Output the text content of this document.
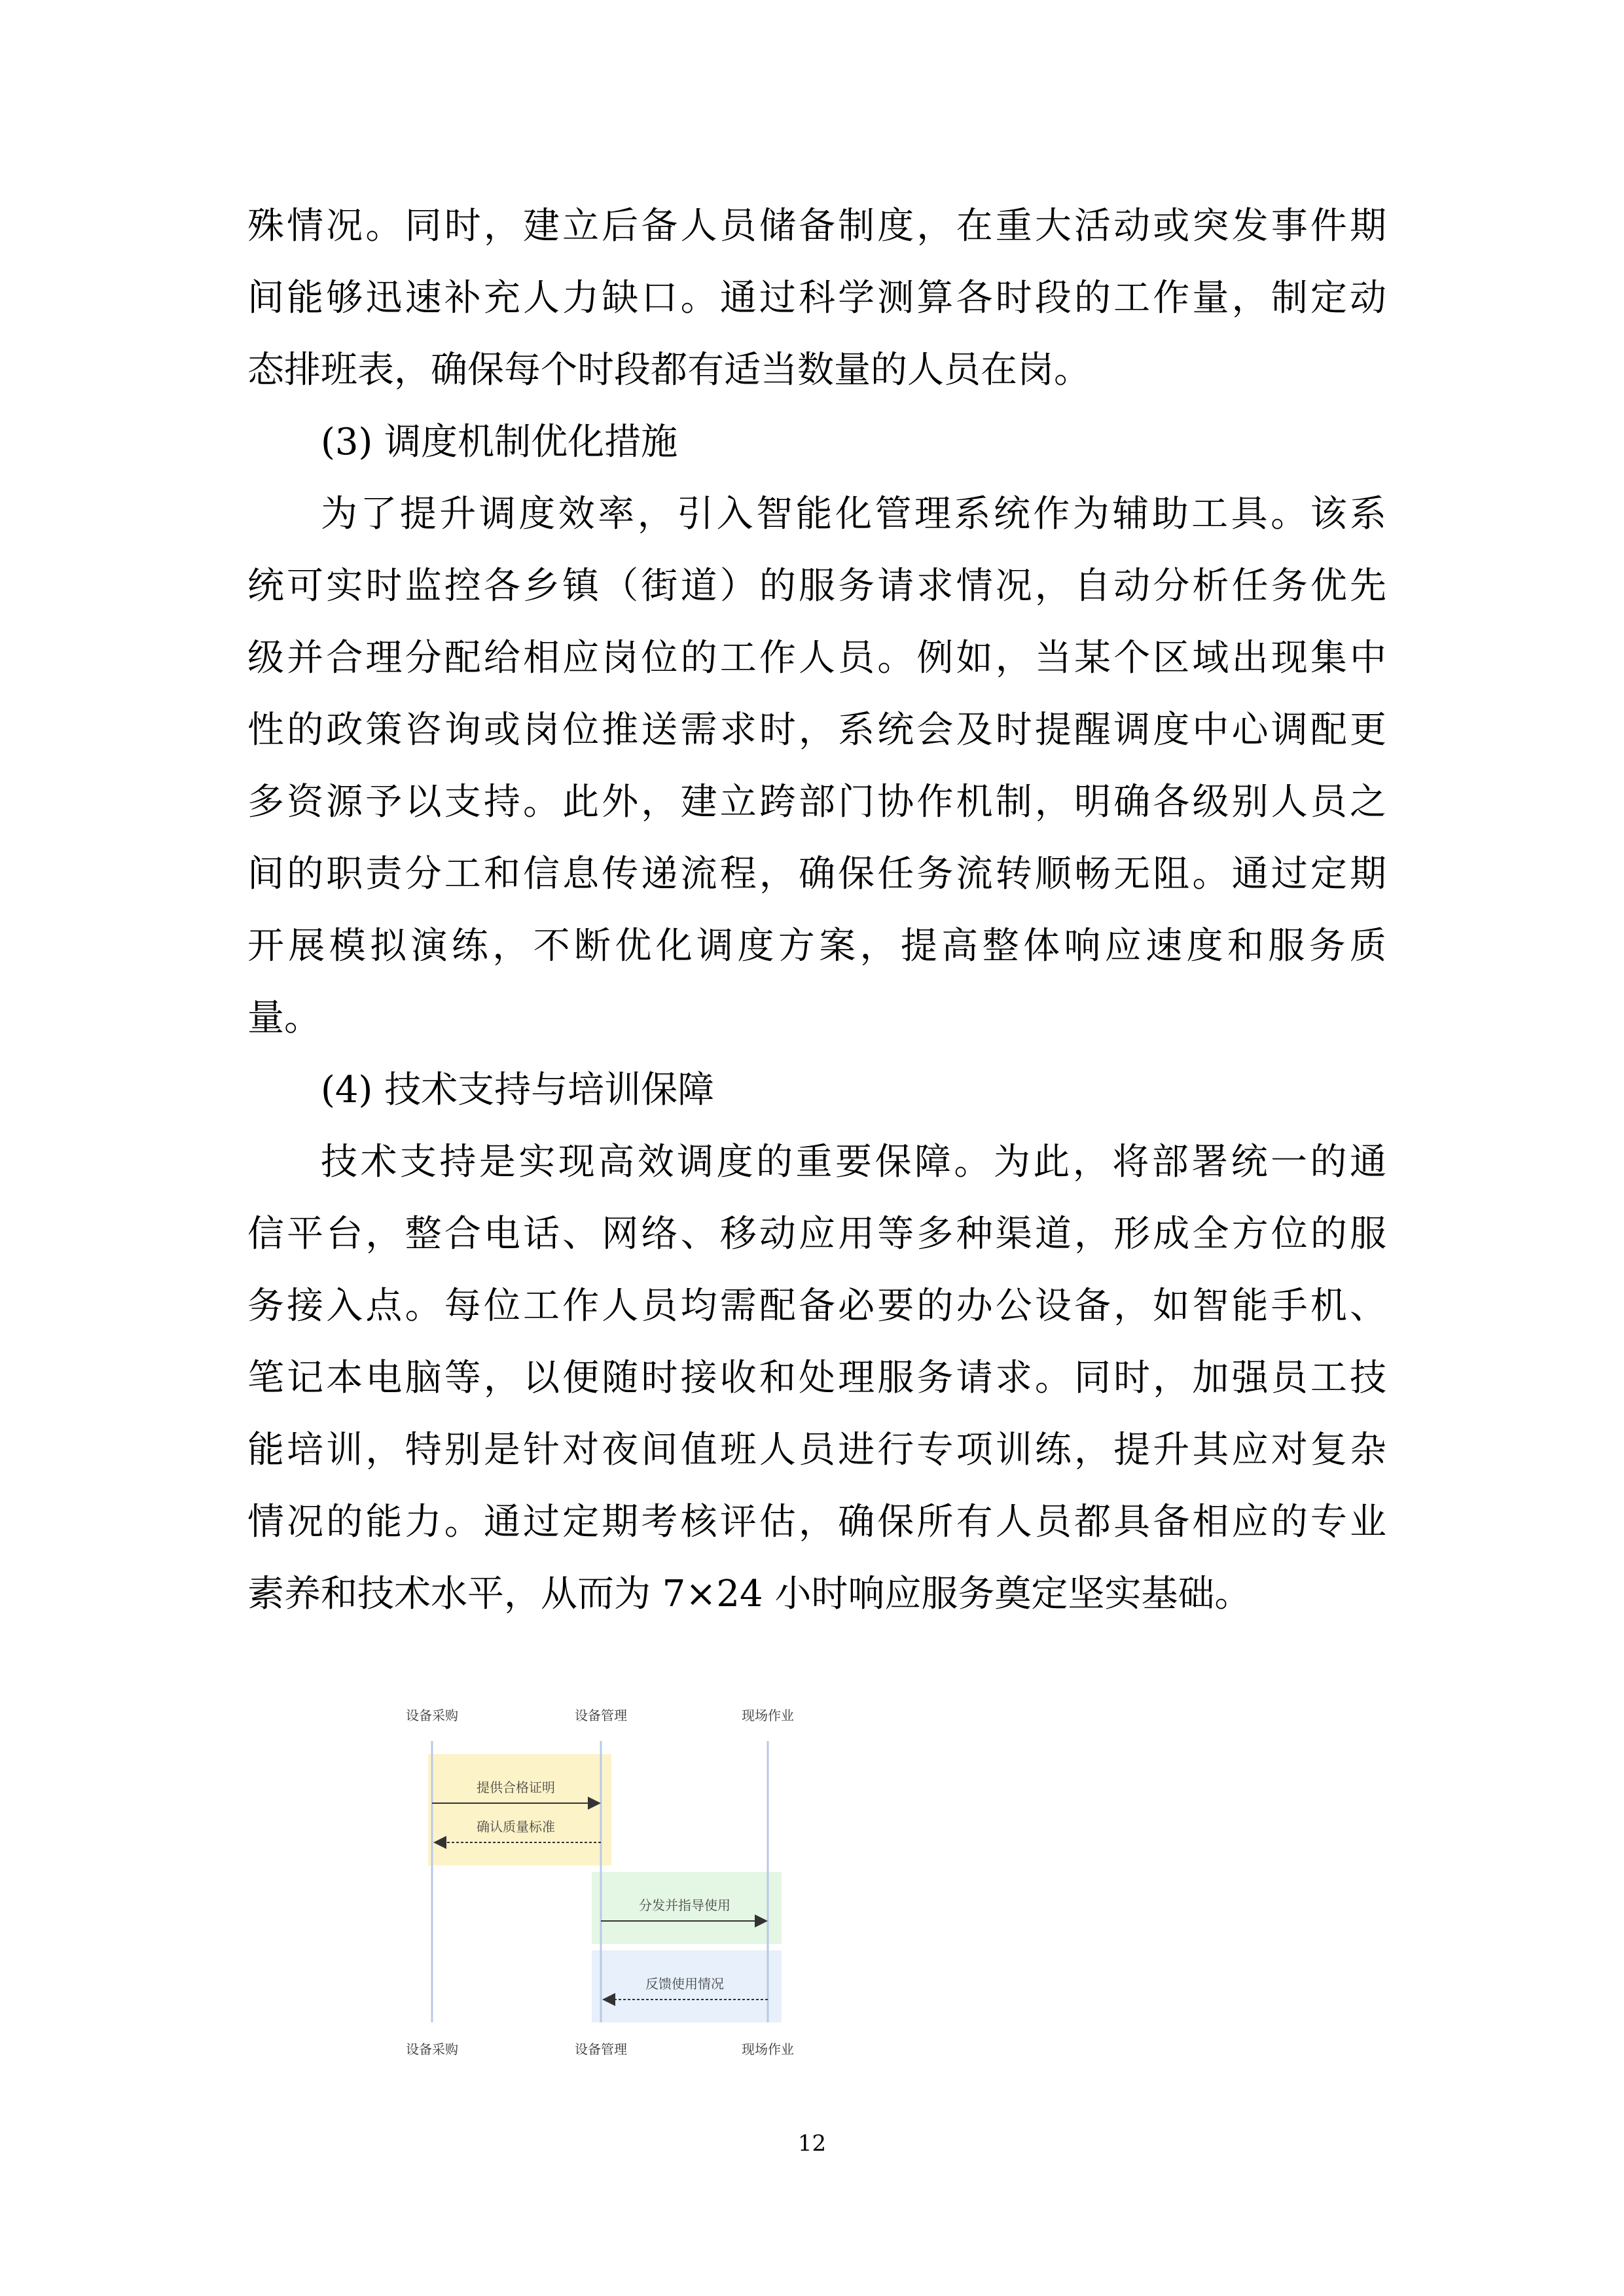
殊情况。同时，建立后备人员储备制度，在重大活动或突发事件期
间能够迅速补充人力缺口。通过科学测算各时段的工作量，制定动
态排班表，确保每个时段都有适当数量的人员在岗。
(3) 调度机制优化措施
为了提升调度效率，引入智能化管理系统作为辅助工具。该系
统可实时监控各乡镇（街道）的服务请求情况，自动分析任务优先
级并合理分配给相应岗位的工作人员。例如，当某个区域出现集中
性的政策咨询或岗位推送需求时，系统会及时提醒调度中心调配更
多资源予以支持。此外，建立跨部门协作机制，明确各级别人员之
间的职责分工和信息传递流程，确保任务流转顺畅无阻。通过定期
开展模拟演练，不断优化调度方案，提高整体响应速度和服务质
量。
(4) 技术支持与培训保障
技术支持是实现高效调度的重要保障。为此，将部署统一的通
信平台，整合电话、网络、移动应用等多种渠道，形成全方位的服
务接入点。每位工作人员均需配备必要的办公设备，如智能手机、
笔记本电脑等，以便随时接收和处理服务请求。同时，加强员工技
能培训，特别是针对夜间值班人员进行专项训练，提升其应对复杂
情况的能力。通过定期考核评估，确保所有人员都具备相应的专业
素养和技术水平，从而为 7×24 小时响应服务奠定坚实基础。
设备采购	设备管理	现场作业
提供合格证明
确认质量标准
分发并指导使用
反馈使用情况
设备采购	设备管理	现场作业
12
